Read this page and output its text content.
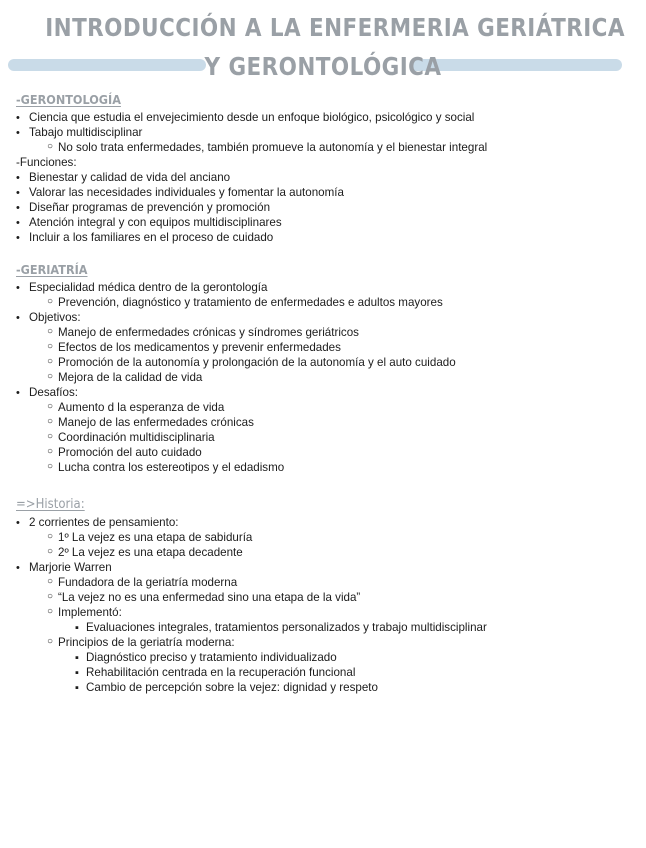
INTRODUCCIÓN A LA ENFERMERIA GERIÁTRICA
Y GERONTOLÓGICA
-GERONTOLOGÍA
• Ciencia que estudia el envejecimiento desde un enfoque biológico, psicológico y social
• Tabajo multidisciplinar
○ No solo trata enfermedades, también promueve la autonomía y el bienestar integral
-Funciones:
• Bienestar y calidad de vida del anciano
• Valorar las necesidades individuales y fomentar la autonomía
• Diseñar programas de prevención y promoción
• Atención integral y con equipos multidisciplinares
• Incluir a los familiares en el proceso de cuidado
-GERIATRÍA
• Especialidad médica dentro de la gerontología
○ Prevención, diagnóstico y tratamiento de enfermedades e adultos mayores
• Objetivos:
○ Manejo de enfermedades crónicas y síndromes geriátricos
○ Efectos de los medicamentos y prevenir enfermedades
○ Promoción de la autonomía y prolongación de la autonomía y el auto cuidado
○ Mejora de la calidad de vida
• Desafíos:
○ Aumento d la esperanza de vida
○ Manejo de las enfermedades crónicas
○ Coordinación multidisciplinaria
○ Promoción del auto cuidado
○ Lucha contra los estereotipos y el edadismo
=>Historia:
• 2 corrientes de pensamiento:
○ 1º La vejez es una etapa de sabiduría
○ 2º La vejez es una etapa decadente
• Marjorie Warren
○ Fundadora de la geriatría moderna
○ “La vejez no es una enfermedad sino una etapa de la vida”
○ Implementó:
▪ Evaluaciones integrales, tratamientos personalizados y trabajo multidisciplinar
○ Principios de la geriatría moderna:
▪ Diagnóstico preciso y tratamiento individualizado
▪ Rehabilitación centrada en la recuperación funcional
▪ Cambio de percepción sobre la vejez: dignidad y respeto
